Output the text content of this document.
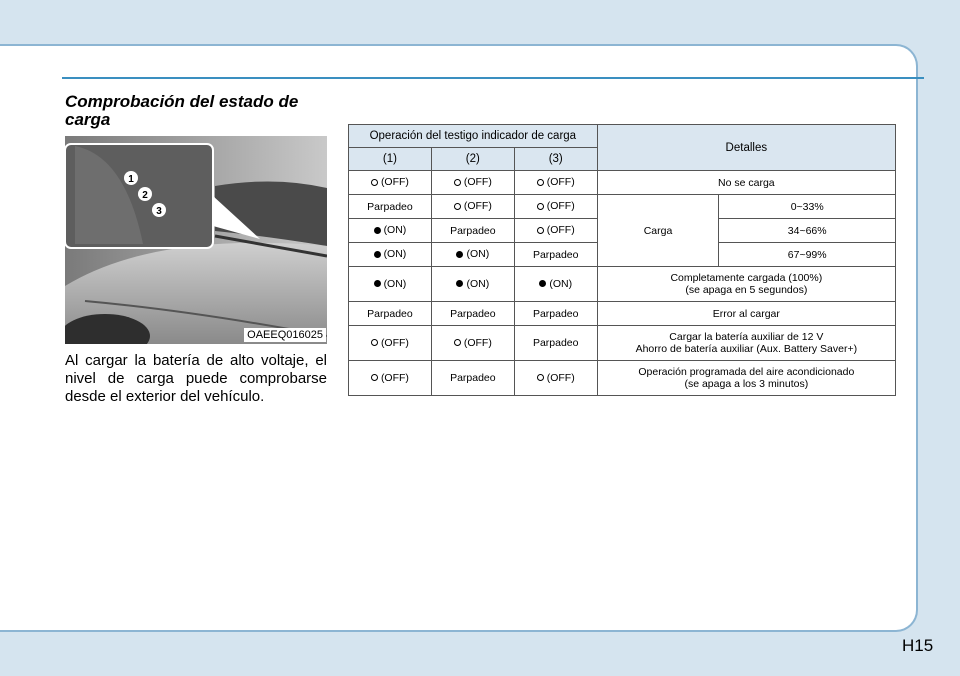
Comprobación del estado de carga
1
2
3
OAEEQ016025

Al cargar la batería de alto voltaje, el nivel de carga puede comprobarse desde el exterior del vehículo.

Operación del testigo indicador de carga			Detalles	
(1)	(2)	(3)		

(OFF)	(OFF)	(OFF)	No se carga	
Parpadeo	(OFF)	(OFF)	Carga	0~33%

(ON)	Parpadeo	(OFF)		34~66%

(ON)	(ON)	Parpadeo		67~99%

(ON)	(ON)	(ON)	Completamente cargada (100%)
(se apaga en 5 segundos)	

Parpadeo	Parpadeo	Parpadeo	Error al cargar	

(OFF)	(OFF)	Parpadeo	Cargar la batería auxiliar de 12 V
Ahorro de batería auxiliar (Aux. Battery Saver+)	

(OFF)	Parpadeo	(OFF)	Operación programada del aire acondicionado
(se apaga a los 3 minutos)	
H15
